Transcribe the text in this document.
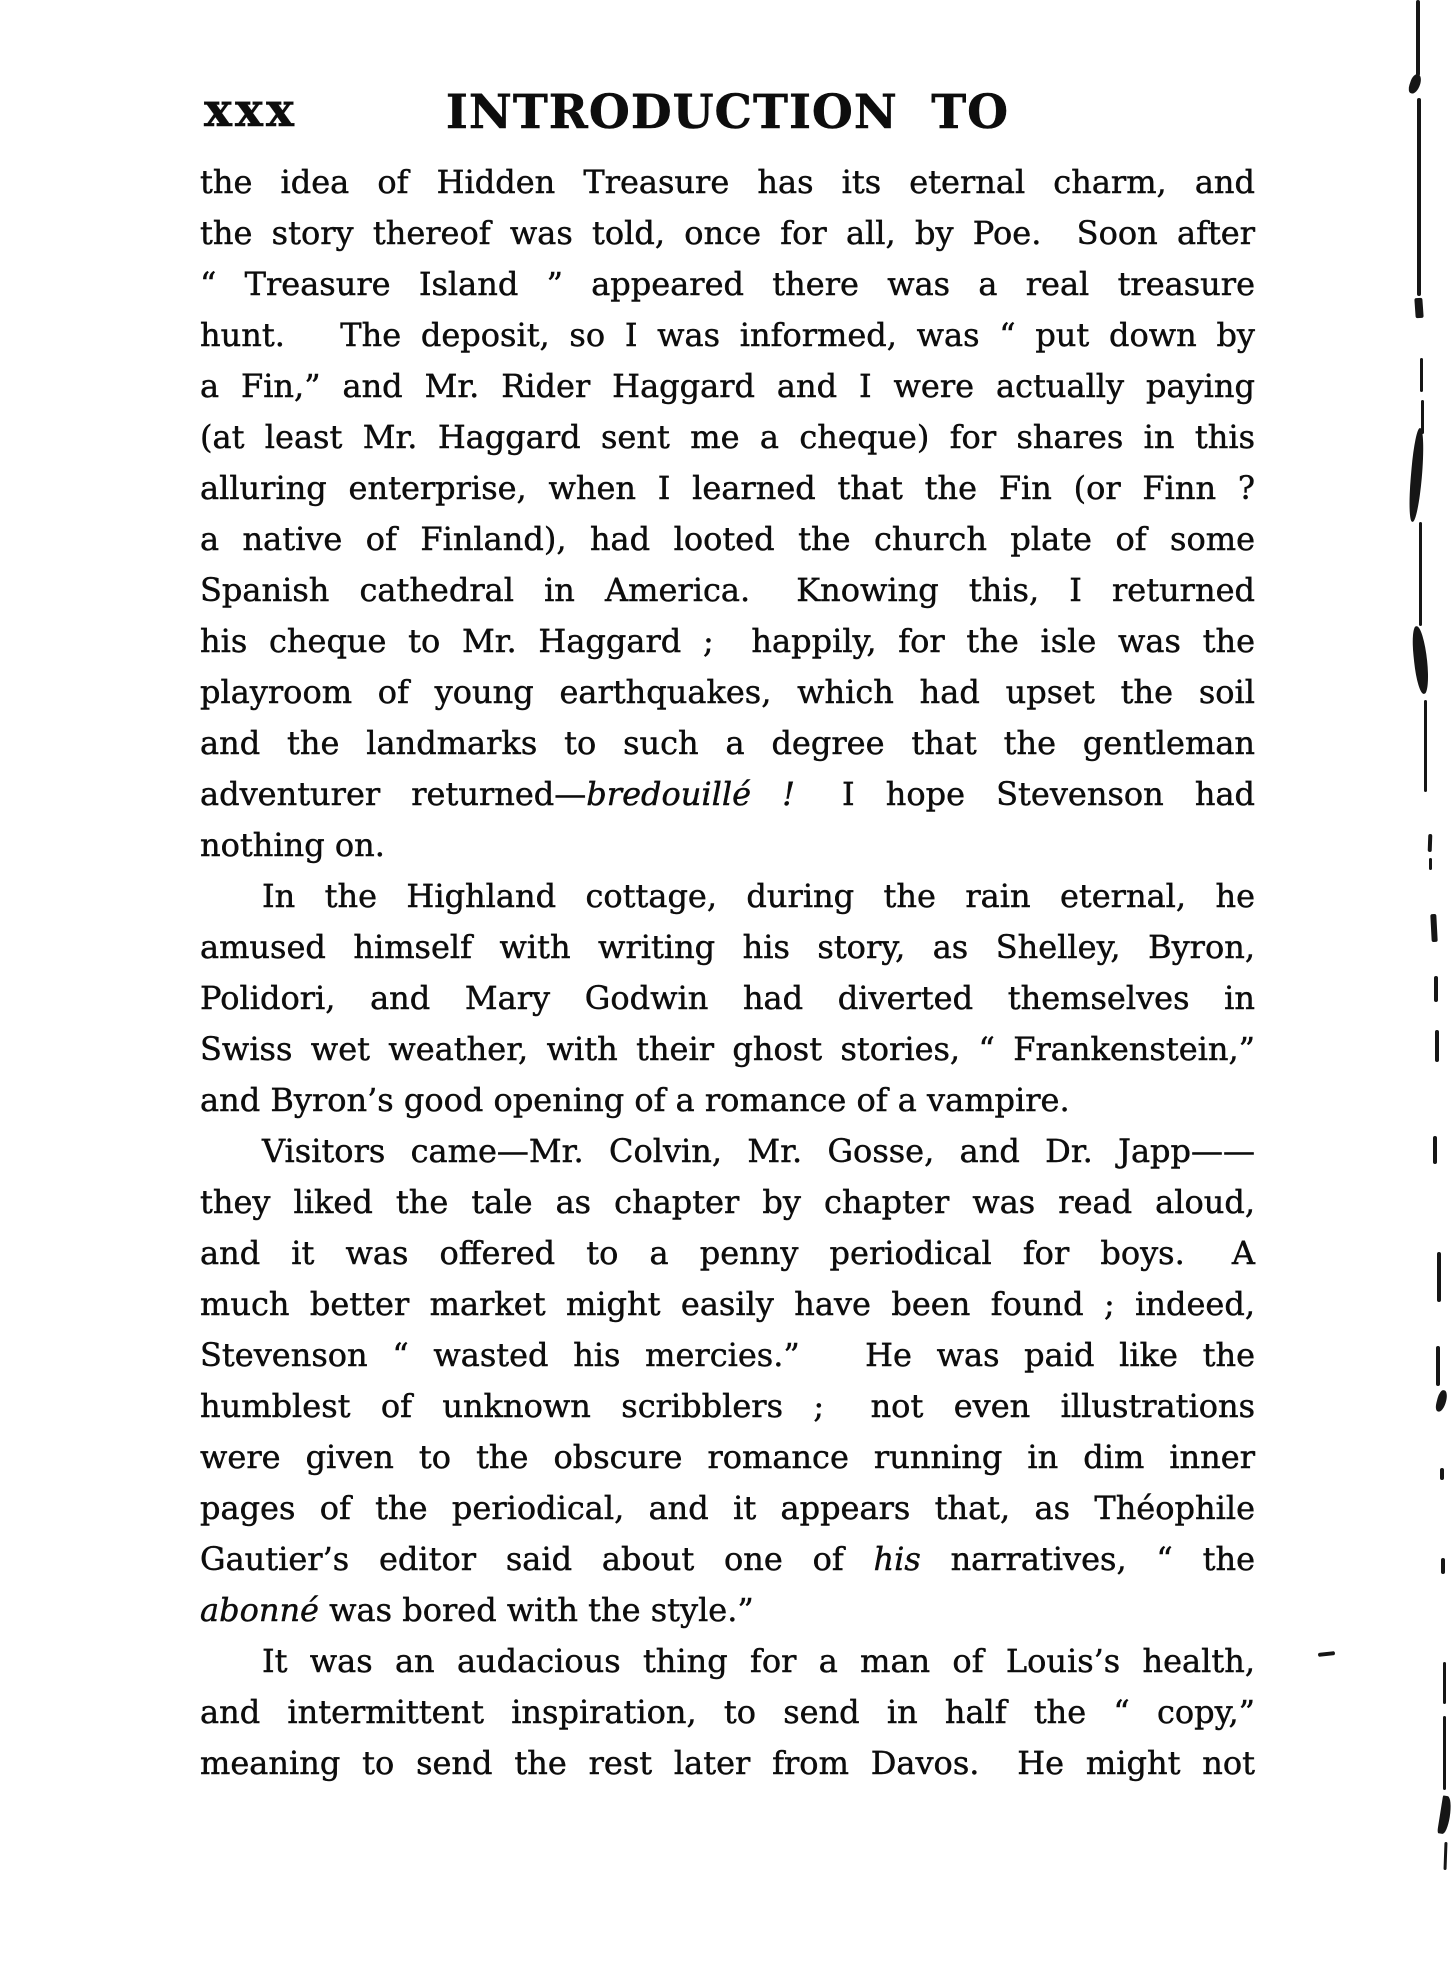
xxx	INTRODUCTION TO
the idea of Hidden Treasure has its eternal charm, and
the story thereof was told, once for all, by Poe.  Soon after
“ Treasure Island ” appeared there was a real treasure
hunt.   The deposit, so I was informed, was “ put down by
a Fin,” and Mr. Rider Haggard and I were actually paying
(at least Mr. Haggard sent me a cheque) for shares in this
alluring enterprise, when I learned that the Fin (or Finn ?
a native of Finland), had looted the church plate of some
Spanish cathedral in America.  Knowing this, I returned
his cheque to Mr. Haggard ;  happily, for the isle was the
playroom of young earthquakes, which had upset the soil
and the landmarks to such a degree that the gentleman
adventurer returned—bredouillé !  I hope Stevenson had
nothing on.
In the Highland cottage, during the rain eternal, he
amused himself with writing his story, as Shelley, Byron,
Polidori, and Mary Godwin had diverted themselves in
Swiss wet weather, with their ghost stories, “ Frankenstein,”
and Byron’s good opening of a romance of a vampire.
Visitors came—Mr. Colvin, Mr. Gosse, and Dr. Japp——
they liked the tale as chapter by chapter was read aloud,
and it was offered to a penny periodical for boys.  A
much better market might easily have been found ; indeed,
Stevenson “ wasted his mercies.”   He was paid like the
humblest of unknown scribblers ;  not even illustrations
were given to the obscure romance running in dim inner
pages of the periodical, and it appears that, as Théophile
Gautier’s editor said about one of his narratives, “ the
abonné was bored with the style.”
It was an audacious thing for a man of Louis’s health,
and intermittent inspiration, to send in half the “ copy,”
meaning to send the rest later from Davos.  He might not
